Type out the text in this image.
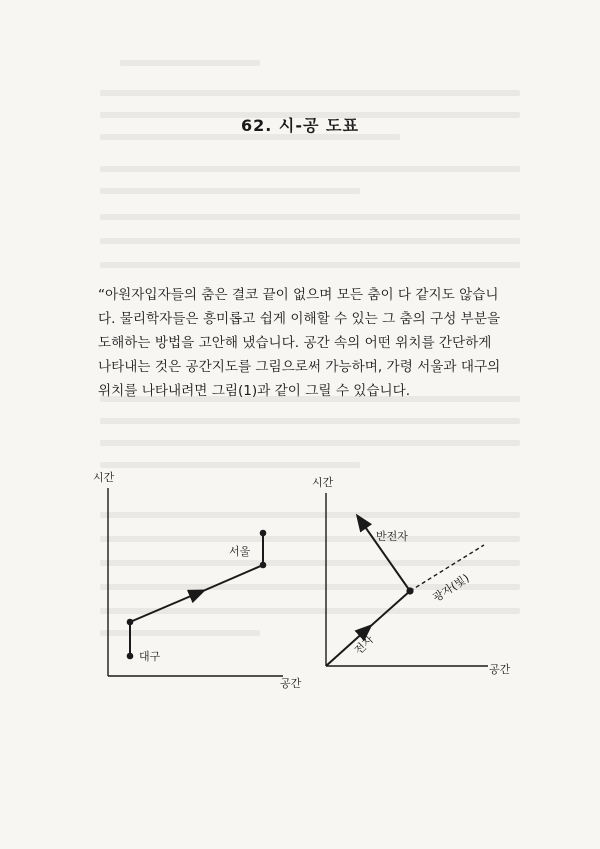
62. 시-공 도표
“아원자입자들의 춤은 결코 끝이 없으며 모든 춤이 다 같지도 않습니
다. 물리학자들은 흥미롭고 쉽게 이해할 수 있는 그 춤의 구성 부분을
도해하는 방법을 고안해 냈습니다. 공간 속의 어떤 위치를 간단하게
나타내는 것은 공간지도를 그림으로써 가능하며, 가령 서울과 대구의
위치를 나타내려면 그림(1)과 같이 그릴 수 있습니다.
시간
공간
대구
서울
시간
공간
전자
반전자
광자(빛)
